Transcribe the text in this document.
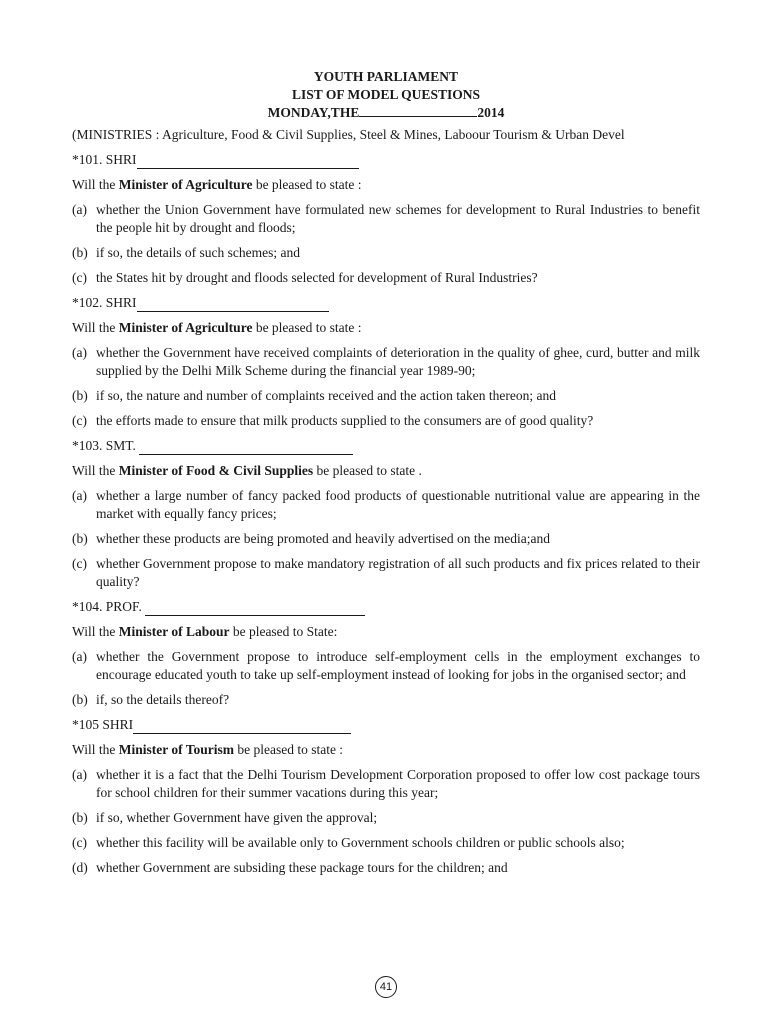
YOUTH PARLIAMENT
LIST OF MODEL QUESTIONS
MONDAY,THE	2014
(MINISTRIES : Agriculture, Food & Civil Supplies, Steel & Mines, Laboour Tourism & Urban Devel
*101. SHRI
Will the Minister of Agriculture be pleased to state :
(a) whether the Union Government have formulated new schemes for development to Rural Industries to benefit the people hit by drought and floods;
(b) if so, the details of such schemes; and
(c) the States hit by drought and floods selected for development of Rural Industries?
*102. SHRI
Will the Minister of Agriculture be pleased to state :
(a) whether the Government have received complaints of deterioration in the quality of ghee, curd, butter and milk supplied by the Delhi Milk Scheme during the financial year 1989-90;
(b) if so, the nature and number of complaints received and the action taken thereon; and
(c) the efforts made to ensure that milk products supplied to the consumers are of good quality?
*103. SMT.
Will the Minister of Food & Civil Supplies be pleased to state .
(a) whether a large number of fancy packed food products of questionable nutritional value are appearing in the market with equally fancy prices;
(b) whether these products are being promoted and heavily advertised on the media;and
(c) whether Government propose to make mandatory registration of all such products and fix prices related to their quality?
*104. PROF.
Will the Minister of Labour be pleased to State:
(a) whether the Government propose to introduce self-employment cells in the employment exchanges to encourage educated youth to take up self-employment instead of looking for jobs in the organised sector; and
(b) if, so the details thereof?
*105 SHRI
Will the Minister of Tourism be pleased to state :
(a) whether it is a fact that the Delhi Tourism Development Corporation proposed to offer low cost package tours for school children for their summer vacations during this year;
(b) if so, whether Government have given the approval;
(c) whether this facility will be available only to Government schools children or public schools also;
(d) whether Government are subsiding these package tours for the children; and
41
